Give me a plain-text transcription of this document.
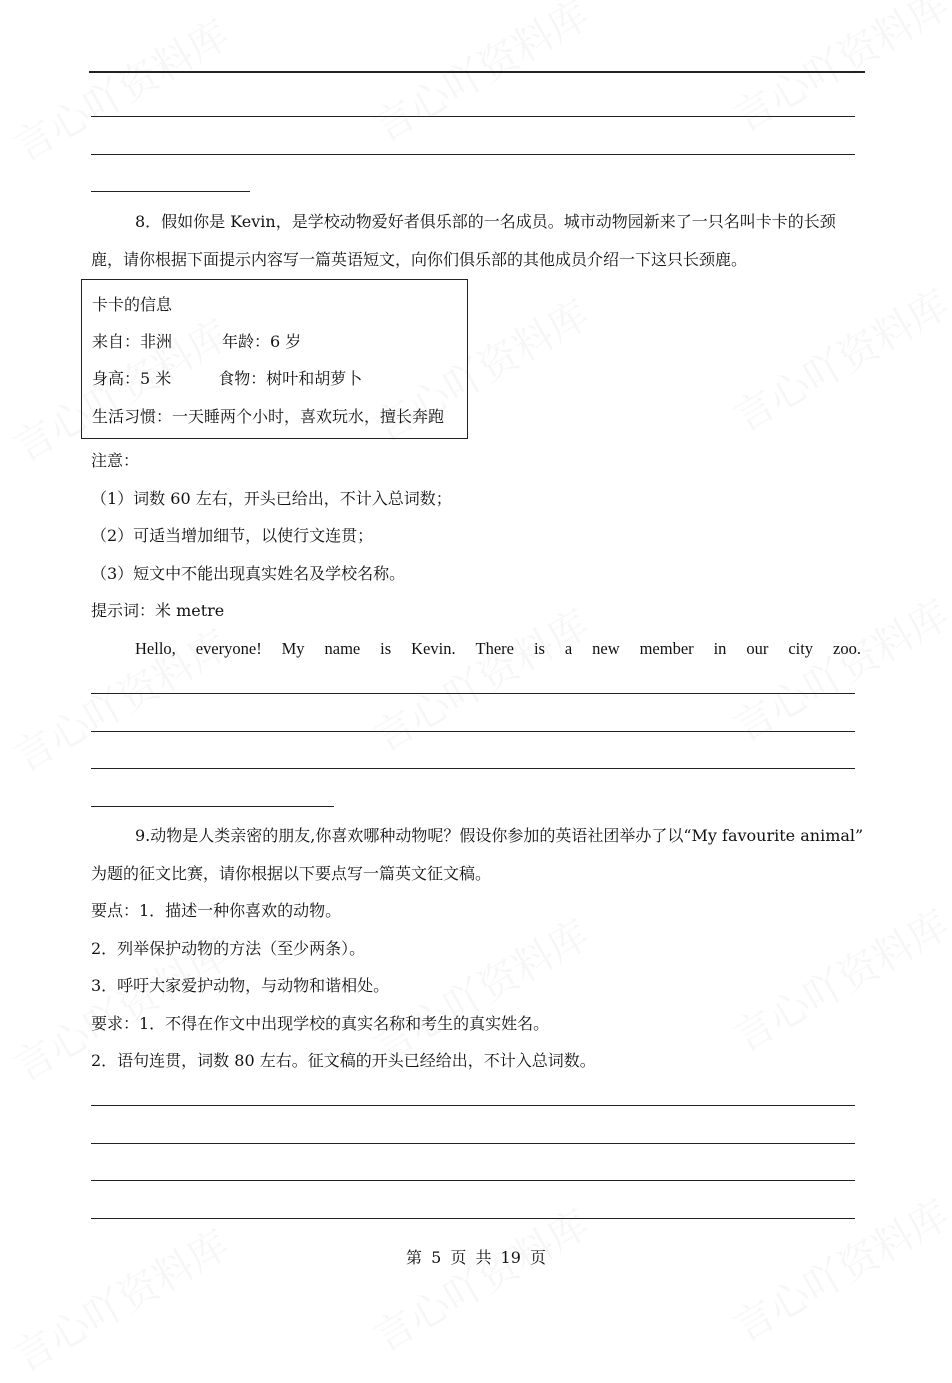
8．假如你是 Kevin，是学校动物爱好者俱乐部的一名成员。城市动物园新来了一只名叫卡卡的长颈
鹿，请你根据下面提示内容写一篇英语短文，向你们俱乐部的其他成员介绍一下这只长颈鹿。
卡卡的信息
来自：非洲	年龄：6 岁
身高：5 米	食物：树叶和胡萝卜
生活习惯：一天睡两个小时，喜欢玩水，擅长奔跑
注意：
（1）词数 60 左右，开头已给出，不计入总词数；
（2）可适当增加细节，以使行文连贯；
（3）短文中不能出现真实姓名及学校名称。
提示词：米 metre
Hello, everyone! My name is Kevin. There is a new member in our city zoo.
9.动物是人类亲密的朋友,你喜欢哪种动物呢？假设你参加的英语社团举办了以“My favourite animal”
为题的征文比赛，请你根据以下要点写一篇英文征文稿。
要点：1．描述一种你喜欢的动物。
2．列举保护动物的方法（至少两条）。
3．呼吁大家爱护动物，与动物和谐相处。
要求：1．不得在作文中出现学校的真实名称和考生的真实姓名。
2．语句连贯，词数 80 左右。征文稿的开头已经给出，不计入总词数。
第 5 页 共 19 页
